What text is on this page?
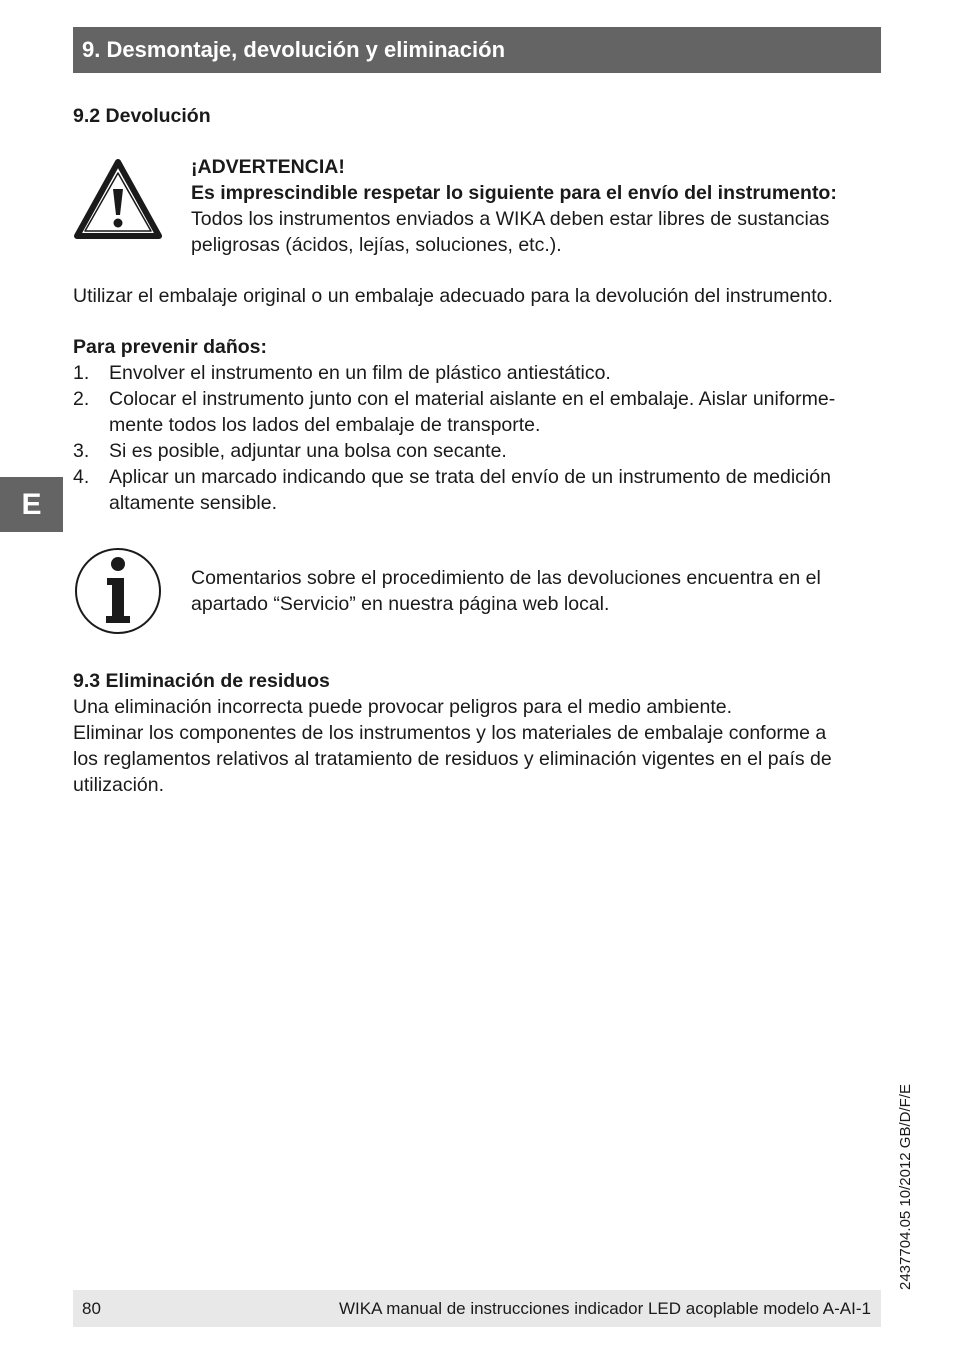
9. Desmontaje, devolución y eliminación
9.2 Devolución
¡ADVERTENCIA!
Es imprescindible respetar lo siguiente para el envío del instrumento:
Todos los instrumentos enviados a WIKA deben estar libres de sustancias
peligrosas (ácidos, lejías, soluciones, etc.).
Utilizar el embalaje original o un embalaje adecuado para la devolución del instrumento.
Para prevenir daños:
1. Envolver el instrumento en un film de plástico antiestático.
2. Colocar el instrumento junto con el material aislante en el embalaje. Aislar uniforme-
mente todos los lados del embalaje de transporte.
3. Si es posible, adjuntar una bolsa con secante.
4. Aplicar un marcado indicando que se trata del envío de un instrumento de medición
altamente sensible.
E
Comentarios sobre el procedimiento de las devoluciones encuentra en el
apartado “Servicio” en nuestra página web local.
9.3 Eliminación de residuos
Una eliminación incorrecta puede provocar peligros para el medio ambiente.
Eliminar los componentes de los instrumentos y los materiales de embalaje conforme a
los reglamentos relativos al tratamiento de residuos y eliminación vigentes en el país de
utilización.
2437704.05 10/2012 GB/D/F/E
80	WIKA manual de instrucciones indicador LED acoplable modelo A-AI-1
